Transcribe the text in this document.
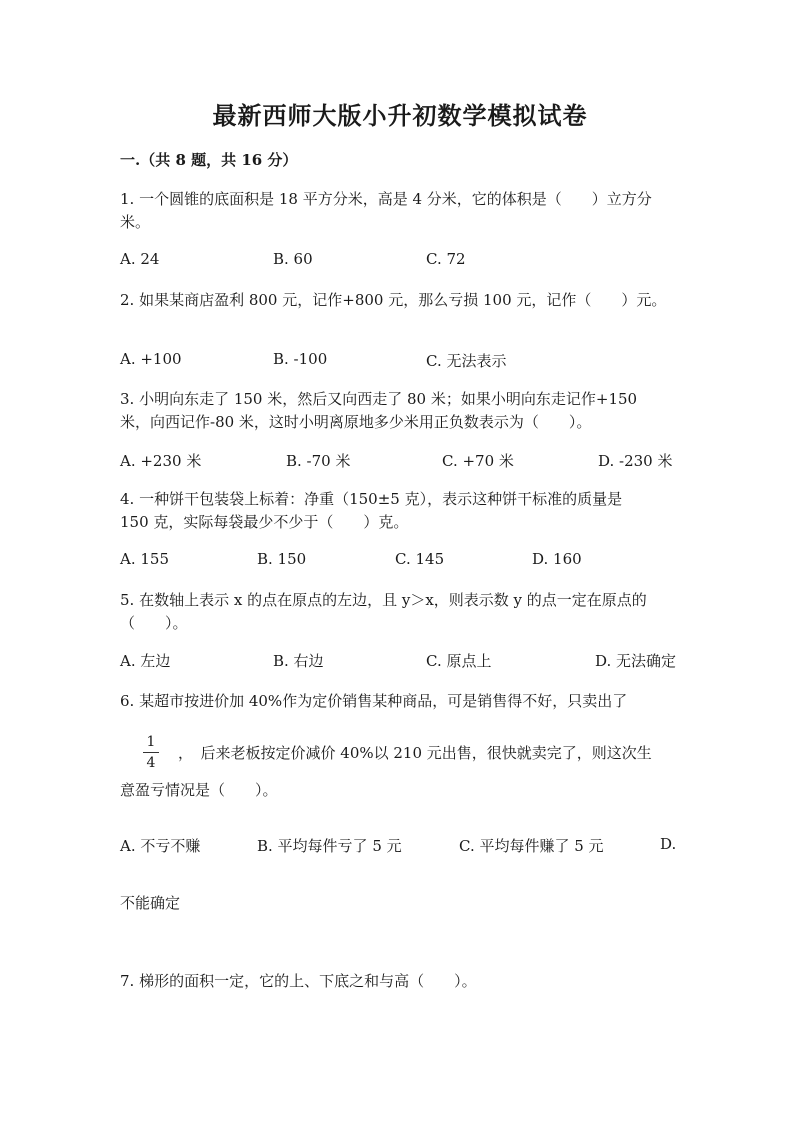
最新西师大版小升初数学模拟试卷
一.（共 8 题，共 16 分）
1. 一个圆锥的底面积是 18 平方分米，高是 4 分米，它的体积是（　　）立方分
米。
A. 24	B. 60	C. 72
2. 如果某商店盈利 800 元，记作+800 元，那么亏损 100 元，记作（　　）元。
A. +100	B. -100	C. 无法表示
3. 小明向东走了 150 米，然后又向西走了 80 米；如果小明向东走记作+150
米，向西记作-80 米，这时小明离原地多少米用正负数表示为（　　）。
A. +230 米	B. -70 米	C. +70 米	D. -230 米
4. 一种饼干包装袋上标着：净重（150±5 克），表示这种饼干标准的质量是
150 克，实际每袋最少不少于（　　）克。
A. 155	B. 150	C. 145	D. 160
5. 在数轴上表示 x 的点在原点的左边，且 y＞x，则表示数 y 的点一定在原点的
（　　）。
A. 左边	B. 右边	C. 原点上	D. 无法确定
6. 某超市按进价加 40%作为定价销售某种商品，可是销售得不好，只卖出了
1
4
，　后来老板按定价减价 40%以 210 元出售，很快就卖完了，则这次生
意盈亏情况是（　　）。
A. 不亏不赚	B. 平均每件亏了 5 元	C. 平均每件赚了 5 元	D.
不能确定
7. 梯形的面积一定，它的上、下底之和与高（　　）。
